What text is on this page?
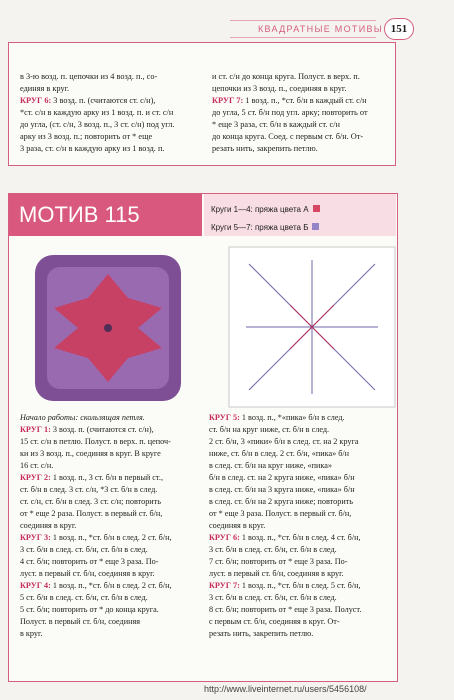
КВАДРАТНЫЕ МОТИВЫ 151
в 3-ю возд. п. цепочки из 4 возд. п., со-
единяя в круг.
КРУГ 6: 3 возд. п. (считаются ст. с/н),
*ст. с/н в каждую арку из 1 возд. п. и ст. с/н
до угла, (ст. с/н, 3 возд. п., 3 ст. с/н) под угл.
арку из 3 возд. п.; повторить от * еще
3 раза, ст. с/н в каждую арку из 1 возд. п.
и ст. с/н до конца круга. Полуст. в верх. п.
цепочки из 3 возд. п., соединяя в круг.
КРУГ 7: 1 возд. п., *ст. б/н в каждый ст. с/н
до угла, 5 ст. б/н под угл. арку; повторить от
* еще 3 раза, ст. б/н в каждый ст. с/н
до конца круга. Соед. с первым ст. б/н. От-
резать нить, закрепить петлю.
МОТИВ 115	Круги 1—4: пряжа цвета А
Круги 5—7: пряжа цвета Б
Начало работы: скользящая петля.
КРУГ 1: 3 возд. п. (считаются ст. с/н),
15 ст. с/н в петлю. Полуст. в верх. п. цепоч-
ки из 3 возд. п., соединяя в круг. В круге
16 ст. с/н.
КРУГ 2: 1 возд. п., 3 ст. б/н в первый ст.,
ст. б/н в след. 3 ст. с/н, *3 ст. б/н в след.
ст. с/н, ст. б/н в след. 3 ст. с/н; повторить
от * еще 2 раза. Полуст. в первый ст. б/н,
соединяя в круг.
КРУГ 3: 1 возд. п., *ст. б/н в след. 2 ст. б/н,
3 ст. б/н в след. ст. б/н, ст. б/н в след.
4 ст. б/н; повторить от * еще 3 раза. По-
луст. в первый ст. б/н, соединяя в круг.
КРУГ 4: 1 возд. п., *ст. б/н в след. 2 ст. б/н,
5 ст. б/н в след. ст. б/н, ст. б/н в след.
5 ст. б/н; повторить от * до конца круга.
Полуст. в первый ст. б/н, соединяя
в круг.
КРУГ 5: 1 возд. п., *«пика» б/н в след.
ст. б/н на круг ниже, ст. б/н в след.
2 ст. б/н, 3 «пики» б/н в след. ст. на 2 круга
ниже, ст. б/н в след. 2 ст. б/н, «пика» б/н
в след. ст. б/н на круг ниже, «пика»
б/н в след. ст. на 2 круга ниже, «пика» б/н
в след. ст. б/н на 3 круга ниже, «пика» б/н
в след. ст. б/н на 2 круга ниже; повторить
от * еще 3 раза. Полуст. в первый ст. б/н,
соединяя в круг.
КРУГ 6: 1 возд. п., *ст. б/н в след. 4 ст. б/н,
3 ст. б/н в след. ст. б/н, ст. б/н в след.
7 ст. б/н; повторить от * еще 3 раза. По-
луст. в первый ст. б/н, соединяя в круг.
КРУГ 7: 1 возд. п., *ст. б/н в след. 5 ст. б/н,
3 ст. б/н в след. ст. б/н, ст. б/н в след.
8 ст. б/н; повторить от * еще 3 раза. Полуст.
с первым ст. б/н, соединяя в круг. От-
резать нить, закрепить петлю.
http://www.liveinternet.ru/users/5456108/
